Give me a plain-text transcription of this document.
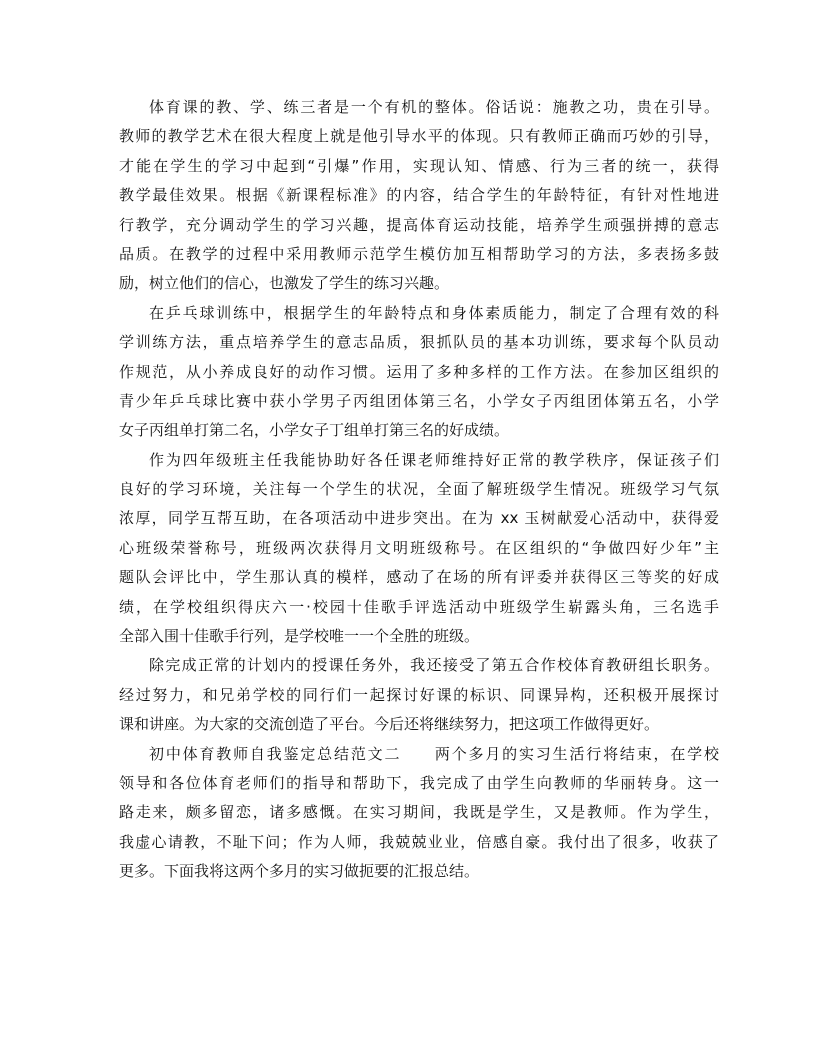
体育课的教、学、练三者是一个有机的整体。俗话说：施教之功，贵在引导。
教师的教学艺术在很大程度上就是他引导水平的体现。只有教师正确而巧妙的引导，
才能在学生的学习中起到“引爆”作用，实现认知、情感、行为三者的统一，获得
教学最佳效果。根据《新课程标准》的内容，结合学生的年龄特征，有针对性地进
行教学，充分调动学生的学习兴趣，提高体育运动技能，培养学生顽强拼搏的意志
品质。在教学的过程中采用教师示范学生模仿加互相帮助学习的方法，多表扬多鼓
励，树立他们的信心，也激发了学生的练习兴趣。
在乒乓球训练中，根据学生的年龄特点和身体素质能力，制定了合理有效的科
学训练方法，重点培养学生的意志品质，狠抓队员的基本功训练，要求每个队员动
作规范，从小养成良好的动作习惯。运用了多种多样的工作方法。在参加区组织的
青少年乒乓球比赛中获小学男子丙组团体第三名，小学女子丙组团体第五名，小学
女子丙组单打第二名，小学女子丁组单打第三名的好成绩。
作为四年级班主任我能协助好各任课老师维持好正常的教学秩序，保证孩子们
良好的学习环境，关注每一个学生的状况，全面了解班级学生情况。班级学习气氛
浓厚，同学互帮互助，在各项活动中进步突出。在为 xx 玉树献爱心活动中，获得爱
心班级荣誉称号，班级两次获得月文明班级称号。在区组织的“争做四好少年”主
题队会评比中，学生那认真的模样，感动了在场的所有评委并获得区三等奖的好成
绩，在学校组织得庆六一·校园十佳歌手评选活动中班级学生崭露头角，三名选手
全部入围十佳歌手行列，是学校唯一一个全胜的班级。
除完成正常的计划内的授课任务外，我还接受了第五合作校体育教研组长职务。
经过努力，和兄弟学校的同行们一起探讨好课的标识、同课异构，还积极开展探讨
课和讲座。为大家的交流创造了平台。今后还将继续努力，把这项工作做得更好。
初中体育教师自我鉴定总结范文二　　两个多月的实习生活行将结束，在学校
领导和各位体育老师们的指导和帮助下，我完成了由学生向教师的华丽转身。这一
路走来，颇多留恋，诸多感慨。在实习期间，我既是学生，又是教师。作为学生，
我虚心请教，不耻下问；作为人师，我兢兢业业，倍感自豪。我付出了很多，收获了
更多。下面我将这两个多月的实习做扼要的汇报总结。
